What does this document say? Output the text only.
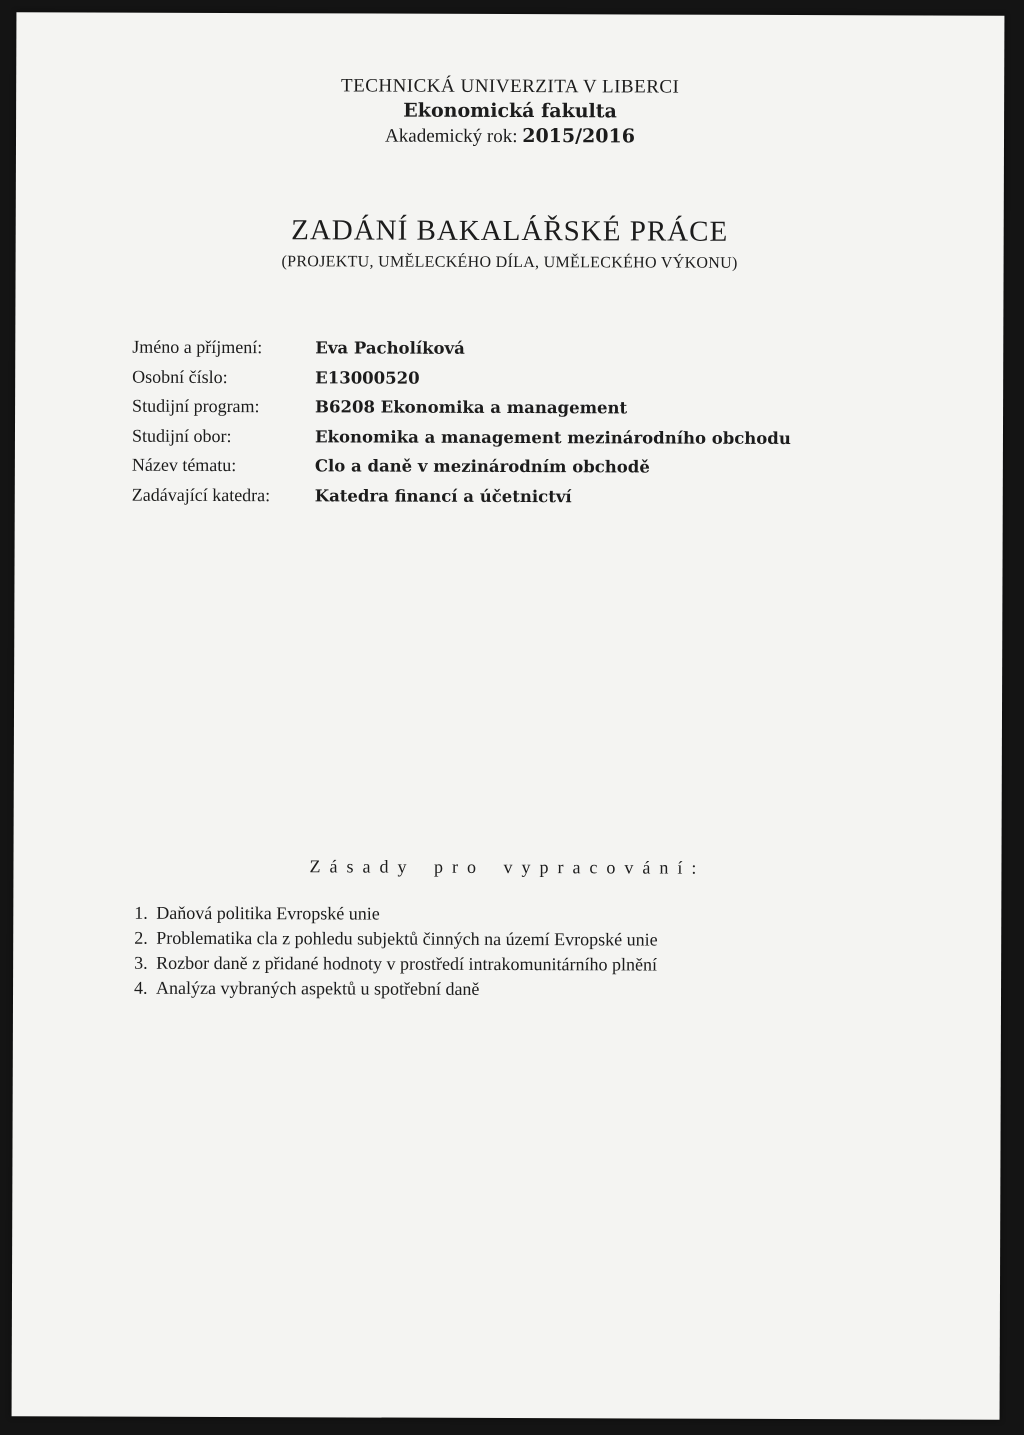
TECHNICKÁ UNIVERZITA V LIBERCI
Ekonomická fakulta
Akademický rok: 2015/2016
ZADÁNÍ BAKALÁŘSKÉ PRÁCE
(PROJEKTU, UMĚLECKÉHO DÍLA, UMĚLECKÉHO VÝKONU)
Jméno a příjmení:	Eva Pacholíková
Osobní číslo:	E13000520
Studijní program:	B6208 Ekonomika a management
Studijní obor:	Ekonomika a management mezinárodního obchodu
Název tématu:	Clo a daně v mezinárodním obchodě
Zadávající katedra:	Katedra financí a účetnictví
Zásady pro vypracování:
1. Daňová politika Evropské unie
2. Problematika cla z pohledu subjektů činných na území Evropské unie
3. Rozbor daně z přidané hodnoty v prostředí intrakomunitárního plnění
4. Analýza vybraných aspektů u spotřební daně
